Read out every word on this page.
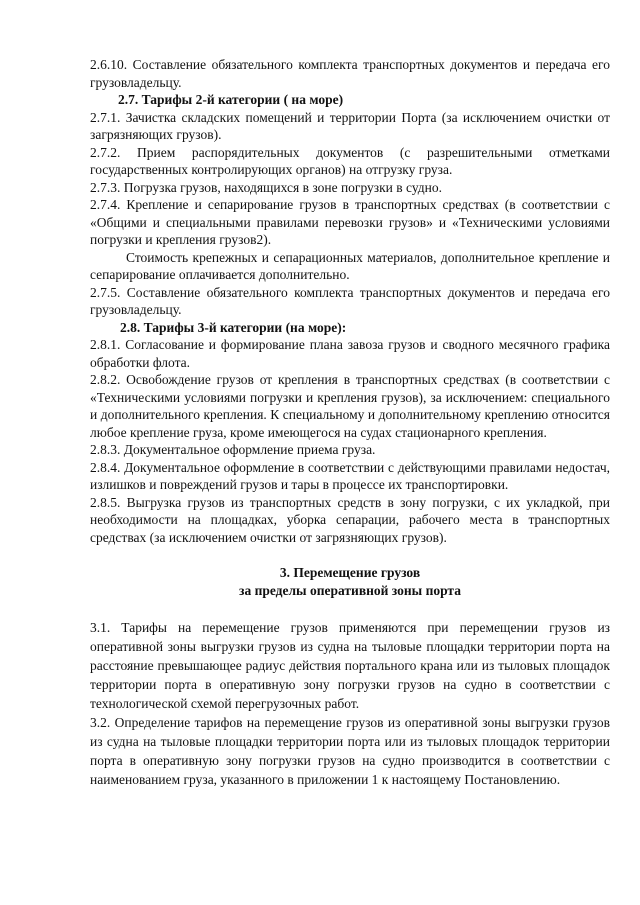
2.6.10. Составление обязательного комплекта транспортных документов и передача его грузовладельцу.

2.7. Тарифы 2-й категории ( на море)

2.7.1. Зачистка складских помещений и территории Порта (за исключением очистки от загрязняющих грузов).

2.7.2. Прием распорядительных документов (с разрешительными отметками государственных контролирующих органов) на отгрузку груза.

2.7.3. Погрузка грузов, находящихся в зоне погрузки в судно.

2.7.4. Крепление и сепарирование грузов в транспортных средствах (в соответствии с «Общими и специальными правилами перевозки грузов» и «Техническими условиями погрузки и крепления грузов2).

Стоимость крепежных и сепарационных материалов, дополнительное крепление и сепарирование оплачивается дополнительно.

2.7.5. Составление обязательного комплекта транспортных документов и передача его грузовладельцу.

2.8. Тарифы 3-й категории (на море):

2.8.1. Согласование и формирование плана завоза грузов и сводного месячного графика обработки флота.

2.8.2. Освобождение грузов от крепления в транспортных средствах (в соответствии с «Техническими условиями погрузки и крепления грузов), за исключением: специального и дополнительного крепления. К специальному и дополнительному креплению относится любое крепление груза, кроме имеющегося на судах стационарного крепления.

2.8.3. Документальное оформление приема груза.

2.8.4. Документальное оформление в соответствии с действующими правилами недостач, излишков и повреждений грузов и тары в процессе их транспортировки.

2.8.5. Выгрузка грузов из транспортных средств в зону погрузки, с их укладкой, при необходимости на площадках, уборка сепарации, рабочего места в транспортных средствах (за исключением очистки от загрязняющих грузов).

3. Перемещение грузов

за пределы оперативной зоны порта

3.1. Тарифы на перемещение грузов применяются при перемещении грузов из оперативной зоны выгрузки грузов из судна на тыловые площадки территории порта на расстояние превышающее радиус действия портального крана или из тыловых площадок территории порта в оперативную зону погрузки грузов на судно в соответствии с технологической схемой перегрузочных работ.

3.2. Определение тарифов на перемещение грузов из оперативной зоны выгрузки грузов из судна на тыловые площадки территории порта или из тыловых площадок территории порта в оперативную зону погрузки грузов на судно производится в соответствии с наименованием груза, указанного в приложении 1 к настоящему Постановлению.
